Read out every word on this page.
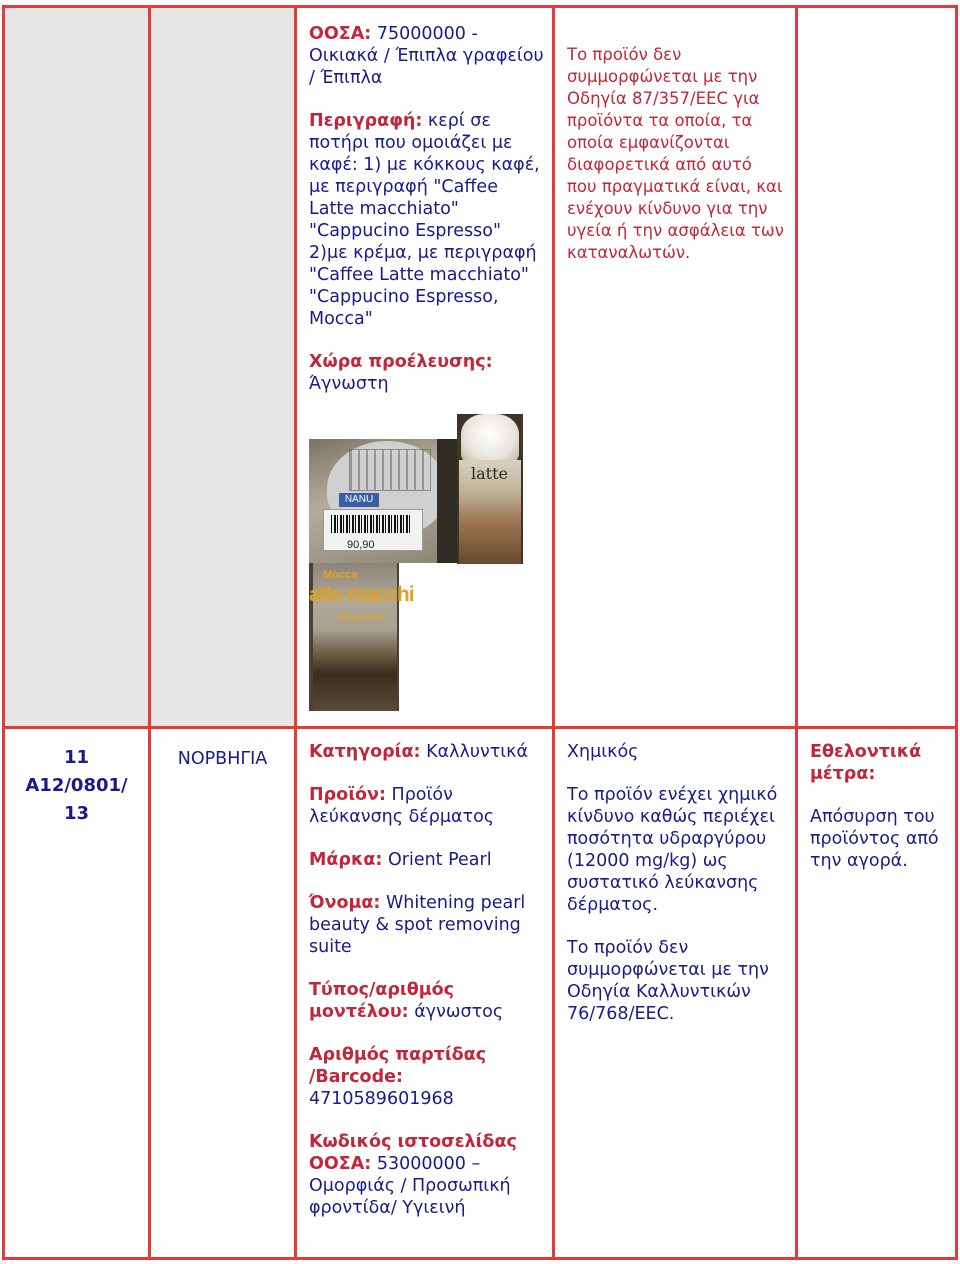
ΟΟΣΑ: 75000000 - Οικιακά / Έπιπλα γραφείου / Έπιπλα

Περιγραφή: κερί σε ποτήρι που ομοιάζει με καφέ: 1) με κόκκους καφέ, με περιγραφή "Caffee Latte macchiato" "Cappucino Espresso" 2)με κρέμα, με περιγραφή "Caffee Latte macchiato" "Cappucino Espresso, Mocca"

Χώρα προέλευσης:
Άγνωστη

NANU
90,90
latte
Mocca
atte macchi
Espresso
Το προϊόν δεν συμμορφώνεται με την Οδηγία 87/357/ΕΕC για προϊόντα τα οποία, τα οποία εμφανίζονται διαφορετικά από αυτό που πραγματικά είναι, και ενέχουν κίνδυνο για την υγεία ή την ασφάλεια των καταναλωτών.
11
A12/0801/
13
ΝΟΡΒΗΓΙΑ	Κατηγορία: Καλλυντικά

Προϊόν: Προϊόν λεύκανσης δέρματος

Μάρκα: Orient Pearl

Όνομα: Whitening pearl beauty & spot removing suite

Τύπος/αριθμός μοντέλου: άγνωστος

Αριθμός παρτίδας /Barcode:
4710589601968

Κωδικός ιστοσελίδας ΟΟΣΑ: 53000000 – Ομορφιάς / Προσωπική φροντίδα/ Υγιεινή

Χημικός

Το προϊόν ενέχει χημικό κίνδυνο καθώς περιέχει ποσότητα υδραργύρου (12000 mg/kg) ως συστατικό λεύκανσης δέρματος.

Το προϊόν δεν συμμορφώνεται με την Οδηγία Καλλυντικών 76/768/ΕΕC.

Εθελοντικά μέτρα:

Απόσυρση του προϊόντος από την αγορά.
